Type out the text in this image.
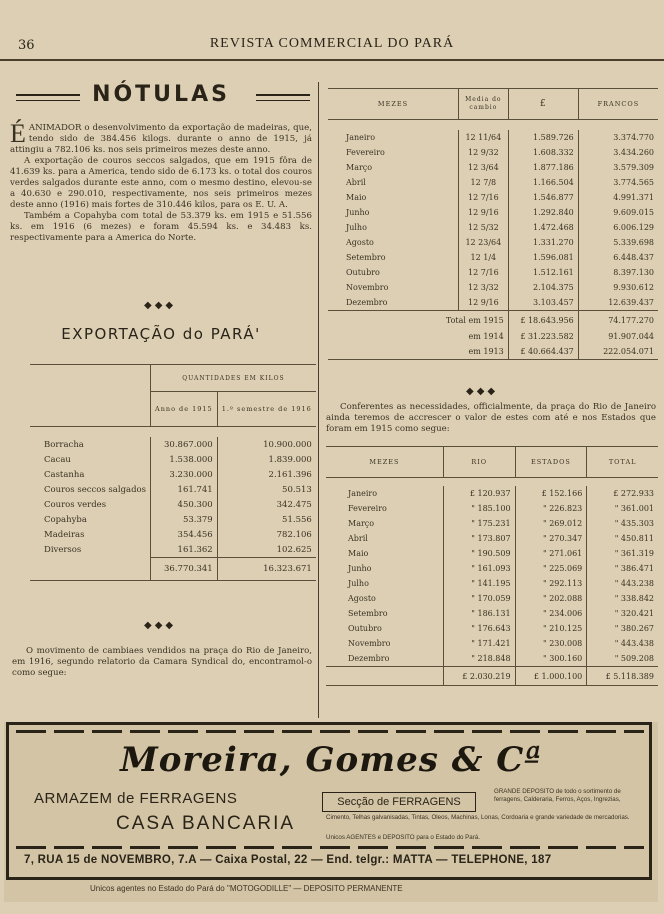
36	REVISTA COMMERCIAL DO PARÁ
NÓTULAS
É ANIMADOR o desenvolvimento da exportação de madeiras, que, tendo sido de 384.456 kilogs. durante o anno de 1915, já attingiu a 782.106 ks. nos seis primeiros mezes deste anno.
A exportação de couros seccos salgados, que em 1915 fôra de 41.639 ks. para a America, tendo sido de 6.173 ks. o total dos couros verdes salgados durante este anno, com o mesmo destino, elevou-se a 40.630 e 290.010, respectivamente, nos seis primeiros mezes deste anno (1916) mais fortes de 310.446 kilos, para os E. U. A.
Também a Copahyba com total de 53.379 ks. em 1915 e 51.556 ks. em 1916 (6 mezes) e foram 45.594 ks. e 34.483 ks. respectivamente para a America do Norte.
◆◆◆
EXPORTAÇÃO do PARÁ'
	QUANTIDADES EM KILOS	
	Anno de 1915	1.º semestre de 1916

Borracha	30.867.000	10.900.000
Cacau	1.538.000	1.839.000
Castanha	3.230.000	2.161.396
Couros seccos salgados	161.741	50.513
Couros verdes	450.300	342.475
Copahyba	53.379	51.556
Madeiras	354.456	782.106
Diversos	161.362	102.625
	36.770.341	16.323.671
◆◆◆
O movimento de cambiaes vendidos na praça do Rio de Janeiro, em 1916, segundo relatorio da Camara Syndical do, encontramol-o como segue:
MEZES	Media do cambio	£	FRANCOS

Janeiro	12 11/64	1.589.726	3.374.770
Fevereiro	12 9/32	1.608.332	3.434.260
Março	12 3/64	1.877.186	3.579.309
Abril	12 7/8	1.166.504	3.774.565
Maio	12 7/16	1.546.877	4.991.371
Junho	12 9/16	1.292.840	9.609.015
Julho	12 5/32	1.472.468	6.006.129
Agosto	12 23/64	1.331.270	5.339.698
Setembro	12 1/4	1.596.081	6.448.437
Outubro	12 7/16	1.512.161	8.397.130
Novembro	12 3/32	2.104.375	9.930.612
Dezembro	12 9/16	3.103.457	12.639.437
Total em 1915		£ 18.643.956	74.177.270
em 1914		£ 31.223.582	91.907.044
em 1913		£ 40.664.437	222.054.071
◆◆◆
Conferentes as necessidades, officialmente, da praça do Rio de Janeiro ainda teremos de accrescer o valor de estes com até e nos Estados que foram em 1915 como segue:
MEZES	RIO	ESTADOS	TOTAL

Janeiro	£ 120.937	£ 152.166	£ 272.933
Fevereiro	" 185.100	" 226.823	" 361.001
Março	" 175.231	" 269.012	" 435.303
Abril	" 173.807	" 270.347	" 450.811
Maio	" 190.509	" 271.061	" 361.319
Junho	" 161.093	" 225.069	" 386.471
Julho	" 141.195	" 292.113	" 443.238
Agosto	" 170.059	" 202.088	" 338.842
Setembro	" 186.131	" 234.006	" 320.421
Outubro	" 176.643	" 210.125	" 380.267
Novembro	" 171.421	" 230.008	" 443.438
Dezembro	" 218.848	" 300.160	" 509.208
	£ 2.030.219	£ 1.000.100	£ 5.118.389
Moreira, Gomes & Cª
ARMAZEM de FERRAGENS
CASA BANCARIA
Secção de FERRAGENS
GRANDE DEPOSITO de todo o sortimento de ferragens, Calderaria, Ferros, Aços, Ingrezias,
Cimento, Telhas galvanisadas, Tintas, Oleos, Machinas, Lonas, Cordoaria e grande variedade de mercadorias.
Unicos AGENTES e DEPOSITO para o Estado do Pará.
7, RUA 15 de NOVEMBRO, 7.A — Caixa Postal, 22 — End. telgr.: MATTA — TELEPHONE, 187
Unicos agentes no Estado do Pará do "MOTOGODILLE" — DEPOSITO PERMANENTE
